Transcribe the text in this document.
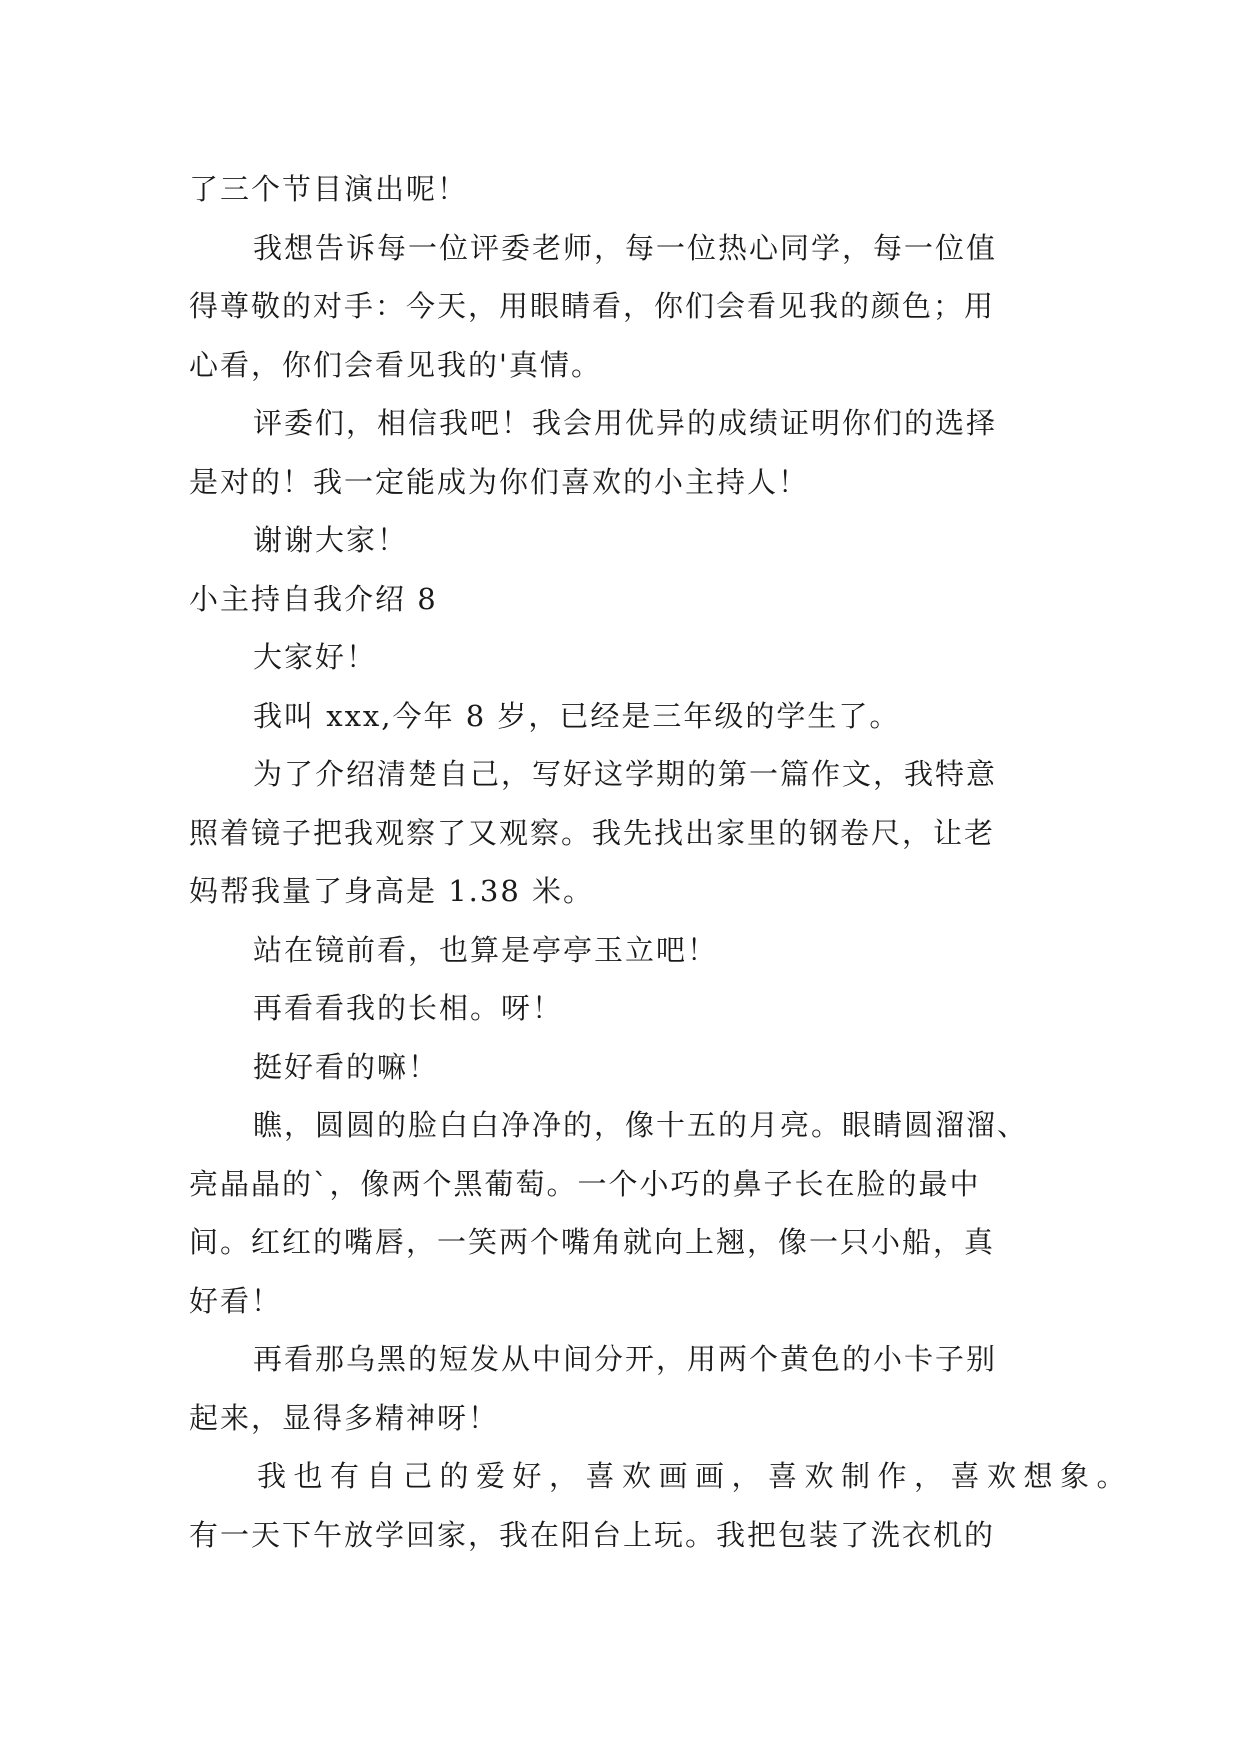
了三个节目演出呢！
我想告诉每一位评委老师，每一位热心同学，每一位值
得尊敬的对手：今天，用眼睛看，你们会看见我的颜色；用
心看，你们会看见我的'真情。
评委们，相信我吧！我会用优异的成绩证明你们的选择
是对的！我一定能成为你们喜欢的小主持人！
谢谢大家！
小主持自我介绍 8
大家好！
我叫 xxx,今年 8 岁，已经是三年级的学生了。
为了介绍清楚自己，写好这学期的第一篇作文，我特意
照着镜子把我观察了又观察。我先找出家里的钢卷尺，让老
妈帮我量了身高是 1.38 米。
站在镜前看，也算是亭亭玉立吧！
再看看我的长相。呀！
挺好看的嘛！
瞧，圆圆的脸白白净净的，像十五的月亮。眼睛圆溜溜、
亮晶晶的`，像两个黑葡萄。一个小巧的鼻子长在脸的最中
间。红红的嘴唇，一笑两个嘴角就向上翘，像一只小船，真
好看！
再看那乌黑的短发从中间分开，用两个黄色的小卡子别
起来，显得多精神呀！
我也有自己的爱好，喜欢画画，喜欢制作，喜欢想象。
有一天下午放学回家，我在阳台上玩。我把包装了洗衣机的
